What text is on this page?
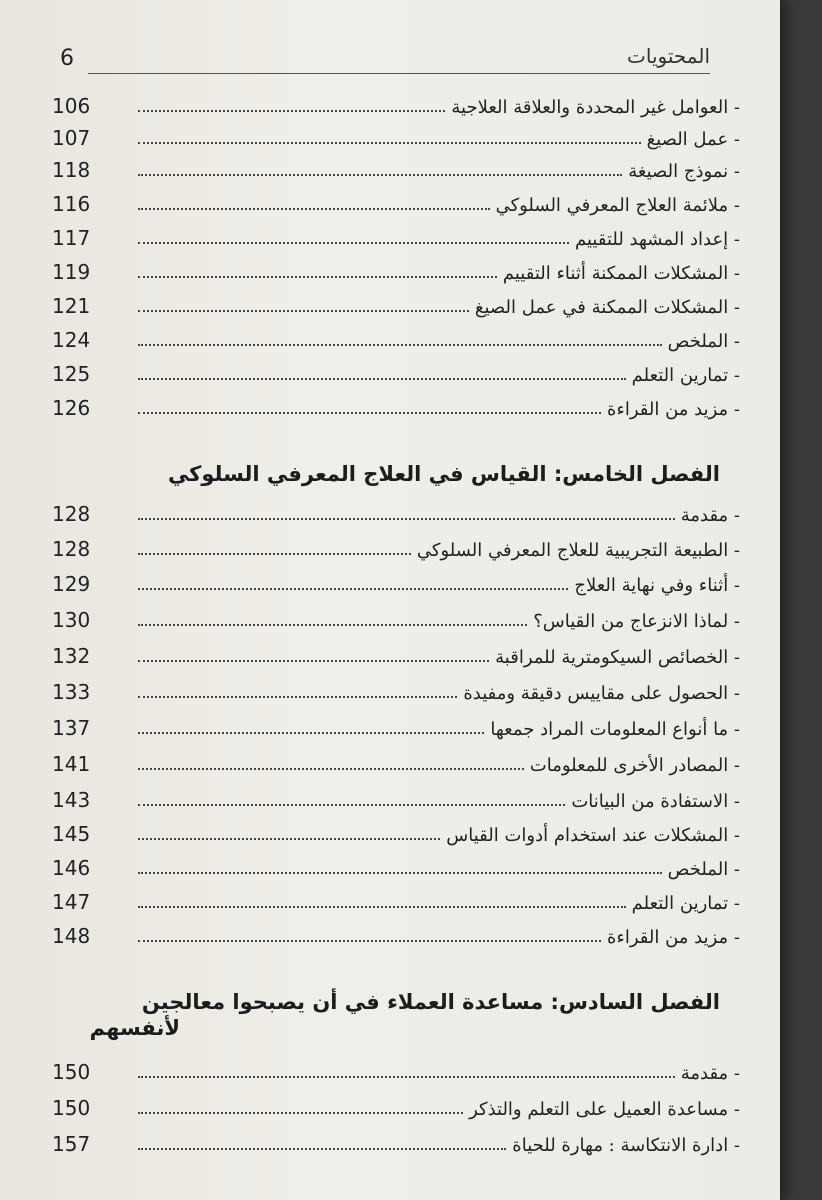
6	المحتويات
106	- العوامل غير المحددة والعلاقة العلاجية
107	- عمل الصيغ
118	- نموذج الصيغة
116	- ملائمة العلاج المعرفي السلوكي
117	- إعداد المشهد للتقييم
119	- المشكلات الممكنة أثناء التقييم
121	- المشكلات الممكنة في عمل الصيغ
124	- الملخص
125	- تمارين التعلم
126	- مزيد من القراءة
الفصل الخامس: القياس في العلاج المعرفي السلوكي
128	- مقدمة
128	- الطبيعة التجريبية للعلاج المعرفي السلوكي
129	- أثناء وفي نهاية العلاج
130	- لماذا الانزعاج من القياس؟
132	- الخصائص السيكومترية للمراقبة
133	- الحصول على مقاييس دقيقة ومفيدة
137	- ما أنواع المعلومات المراد جمعها
141	- المصادر الأخرى للمعلومات
143	- الاستفادة من البيانات
145	- المشكلات عند استخدام أدوات القياس
146	- الملخص
147	- تمارين التعلم
148	- مزيد من القراءة
الفصل السادس: مساعدة العملاء في أن يصبحوا معالجين
لأنفسهم
150	- مقدمة
150	- مساعدة العميل على التعلم والتذكر
157	- ادارة الانتكاسة : مهارة للحياة
